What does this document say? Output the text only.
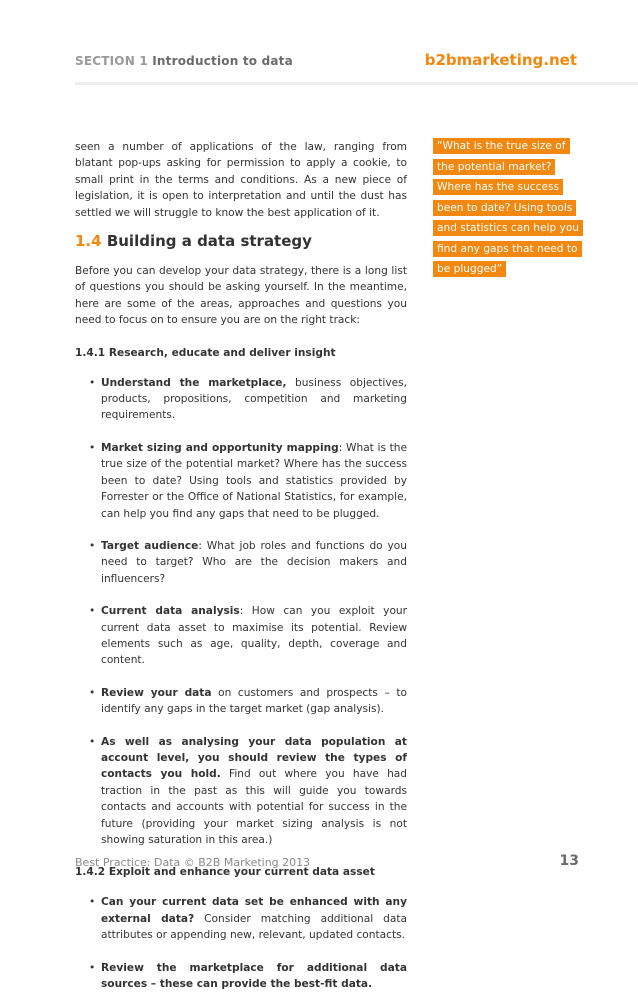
SECTION 1 Introduction to data	b2bmarketing.net

seen a number of applications of the law, ranging from blatant pop-ups asking for permission to apply a cookie, to small print in the terms and conditions. As a new piece of legislation, it is open to interpretation and until the dust has settled we will struggle to know the best application of it.

1.4 Building a data strategy

Before you can develop your data strategy, there is a long list of questions you should be asking yourself. In the meantime, here are some of the areas, approaches and questions you need to focus on to ensure you are on the right track:

1.4.1 Research, educate and deliver insight
• Understand the marketplace, business objectives, products, propositions, competition and marketing requirements.
• Market sizing and opportunity mapping: What is the true size of the potential market? Where has the success been to date? Using tools and statistics provided by Forrester or the Office of National Statistics, for example, can help you find any gaps that need to be plugged.
• Target audience: What job roles and functions do you need to target? Who are the decision makers and influencers?
• Current data analysis: How can you exploit your current data asset to maximise its potential. Review elements such as age, quality, depth, coverage and content.
• Review your data on customers and prospects – to identify any gaps in the target market (gap analysis).
• As well as analysing your data population at account level, you should review the types of contacts you hold. Find out where you have had traction in the past as this will guide you towards contacts and accounts with potential for success in the future (providing your market sizing analysis is not showing saturation in this area.)
1.4.2 Exploit and enhance your current data asset
• Can your current data set be enhanced with any external data? Consider matching additional data attributes or appending new, relevant, updated contacts.
• Review the marketplace for additional data sources – these can provide the best-fit data.
“What is the true size of the potential market? Where has the success been to date? Using tools and statistics can help you find any gaps that need to be plugged”
Best Practice: Data © B2B Marketing 2013	13
